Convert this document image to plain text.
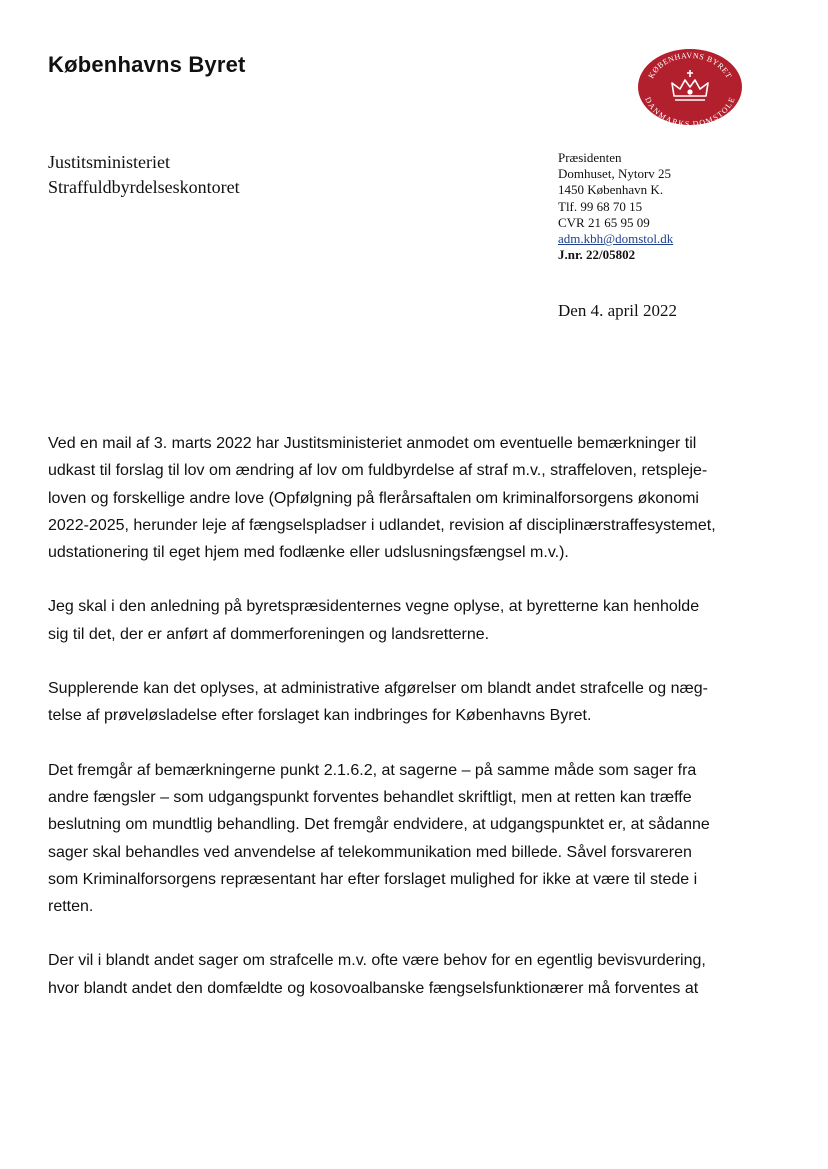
Københavns Byret	KØBENHAVNS BYRET
DANMARKS DOMSTOLE
Justitsministeriet
Straffuldbyrdelseskontoret
Præsidenten
Domhuset, Nytorv 25
1450 København K.
Tlf. 99 68 70 15
CVR 21 65 95 09
adm.kbh@domstol.dk
J.nr. 22/05802
Den 4. april 2022

Ved en mail af 3. marts 2022 har Justitsministeriet anmodet om eventuelle bemærkninger til
udkast til forslag til lov om ændring af lov om fuldbyrdelse af straf m.v., straffeloven, retspleje-
loven og forskellige andre love (Opfølgning på flerårsaftalen om kriminalforsorgens økonomi
2022-2025, herunder leje af fængselspladser i udlandet, revision af disciplinærstraffesystemet,
udstationering til eget hjem med fodlænke eller udslusningsfængsel m.v.).

Jeg skal i den anledning på byretspræsidenternes vegne oplyse, at byretterne kan henholde
sig til det, der er anført af dommerforeningen og landsretterne.

Supplerende kan det oplyses, at administrative afgørelser om blandt andet strafcelle og næg-
telse af prøveløsladelse efter forslaget kan indbringes for Københavns Byret.

Det fremgår af bemærkningerne punkt 2.1.6.2, at sagerne – på samme måde som sager fra
andre fængsler – som udgangspunkt forventes behandlet skriftligt, men at retten kan træffe
beslutning om mundtlig behandling. Det fremgår endvidere, at udgangspunktet er, at sådanne
sager skal behandles ved anvendelse af telekommunikation med billede. Såvel forsvareren
som Kriminalforsorgens repræsentant har efter forslaget mulighed for ikke at være til stede i
retten.

Der vil i blandt andet sager om strafcelle m.v. ofte være behov for en egentlig bevisvurdering,
hvor blandt andet den domfældte og kosovoalbanske fængselsfunktionærer må forventes at
